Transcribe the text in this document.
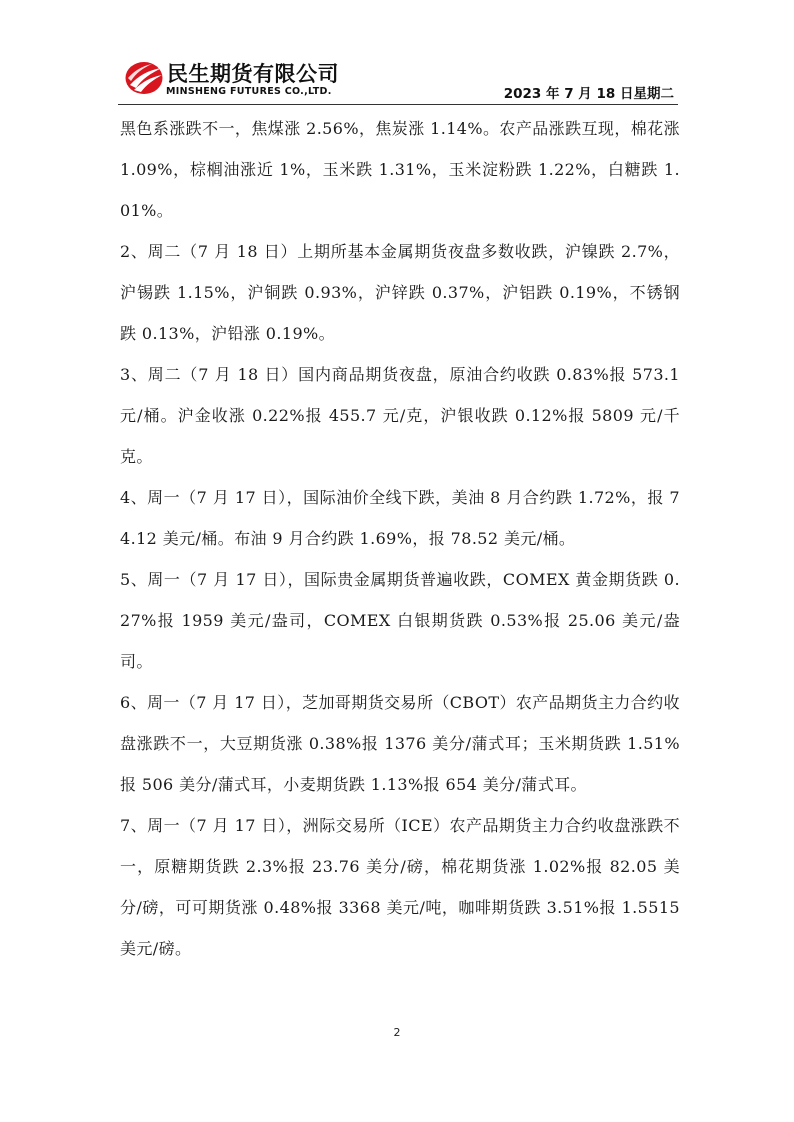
民生期货有限公司
MINSHENG FUTURES CO.,LTD.	2023 年 7 月 18 日星期二

黑色系涨跌不一，焦煤涨 2.56%，焦炭涨 1.14%。农产品涨跌互现，棉花涨 1.09%，棕榈油涨近 1%，玉米跌 1.31%，玉米淀粉跌 1.22%，白糖跌 1.01%。

2、周二（7 月 18 日）上期所基本金属期货夜盘多数收跌，沪镍跌 2.7%，沪锡跌 1.15%，沪铜跌 0.93%，沪锌跌 0.37%，沪铝跌 0.19%，不锈钢跌 0.13%，沪铅涨 0.19%。

3、周二（7 月 18 日）国内商品期货夜盘，原油合约收跌 0.83%报 573.1 元/桶。沪金收涨 0.22%报 455.7 元/克，沪银收跌 0.12%报 5809 元/千克。

4、周一（7 月 17 日），国际油价全线下跌，美油 8 月合约跌 1.72%，报 74.12 美元/桶。布油 9 月合约跌 1.69%，报 78.52 美元/桶。

5、周一（7 月 17 日），国际贵金属期货普遍收跌，COMEX 黄金期货跌 0.27%报 1959 美元/盎司，COMEX 白银期货跌 0.53%报 25.06 美元/盎司。

6、周一（7 月 17 日），芝加哥期货交易所（CBOT）农产品期货主力合约收盘涨跌不一，大豆期货涨 0.38%报 1376 美分/蒲式耳；玉米期货跌 1.51%报 506 美分/蒲式耳，小麦期货跌 1.13%报 654 美分/蒲式耳。

7、周一（7 月 17 日），洲际交易所（ICE）农产品期货主力合约收盘涨跌不一，原糖期货跌 2.3%报 23.76 美分/磅，棉花期货涨 1.02%报 82.05 美分/磅，可可期货涨 0.48%报 3368 美元/吨，咖啡期货跌 3.51%报 1.5515 美元/磅。

2
